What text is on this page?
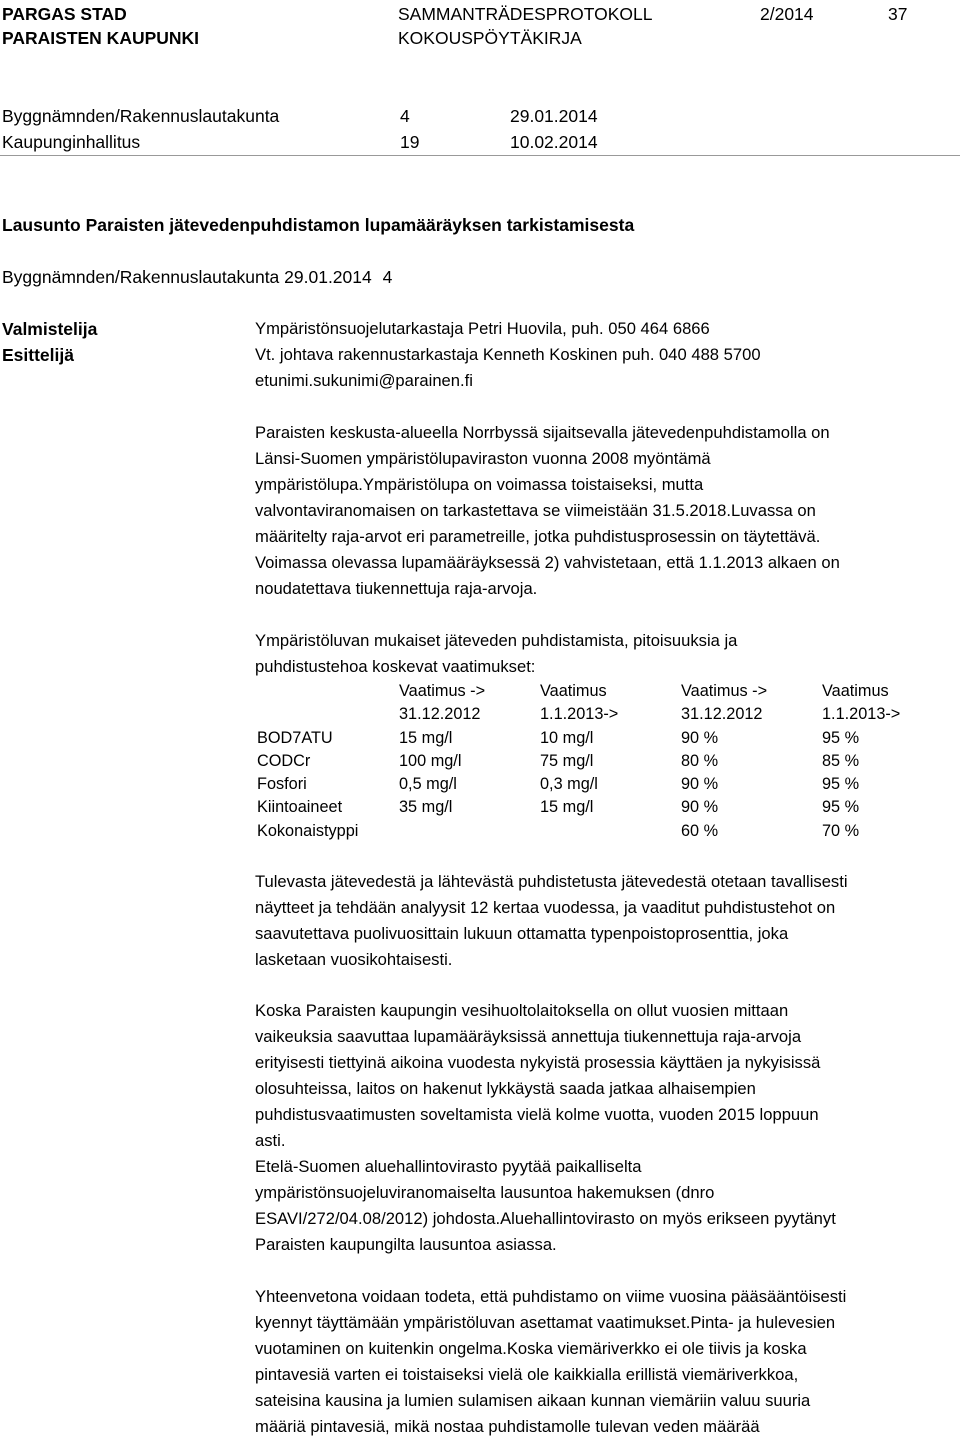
PARGAS STAD
PARAISTEN KAUPUNKI
SAMMANTRÄDESPROTOKOLL
KOKOUSPÖYTÄKIRJA
2/2014	37
Byggnämnden/Rakennuslautakunta	4	29.01.2014
Kaupunginhallitus	19	10.02.2014
Lausunto Paraisten jätevedenpuhdistamon lupamääräyksen tarkistamisesta
Byggnämnden/Rakennuslautakunta 29.01.2014 4
Valmistelija	Ympäristönsuojelutarkastaja Petri Huovila, puh. 050 464 6866
Esittelijä	Vt. johtava rakennustarkastaja Kenneth Koskinen puh. 040 488 5700
etunimi.sukunimi@parainen.fi
Paraisten keskusta-alueella Norrbyssä sijaitsevalla jätevedenpuhdistamolla on
Länsi-Suomen ympäristölupaviraston vuonna 2008 myöntämä
ympäristölupa.Ympäristölupa on voimassa toistaiseksi, mutta
valvontaviranomaisen on tarkastettava se viimeistään 31.5.2018.Luvassa on
määritelty raja-arvot eri parametreille, jotka puhdistusprosessin on täytettävä.
Voimassa olevassa lupamääräyksessä 2) vahvistetaan, että 1.1.2013 alkaen on
noudatettava tiukennettuja raja-arvoja.
Ympäristöluvan mukaiset jäteveden puhdistamista, pitoisuuksia ja
puhdistustehoa koskevat vaatimukset:
	Vaatimus ->	Vaatimus	Vaatimus ->	Vaatimus
	31.12.2012	1.1.2013->	31.12.2012	1.1.2013->
BOD7ATU	15 mg/l	10 mg/l	90 %	95 %
CODCr	100 mg/l	75 mg/l	80 %	85 %
Fosfori	0,5 mg/l	0,3 mg/l	90 %	95 %
Kiintoaineet	35 mg/l	15 mg/l	90 %	95 %
Kokonaistyppi			60 %	70 %
Tulevasta jätevedestä ja lähtevästä puhdistetusta jätevedestä otetaan tavallisesti
näytteet ja tehdään analyysit 12 kertaa vuodessa, ja vaaditut puhdistustehot on
saavutettava puolivuosittain lukuun ottamatta typenpoistoprosenttia, joka
lasketaan vuosikohtaisesti.
Koska Paraisten kaupungin vesihuoltolaitoksella on ollut vuosien mittaan
vaikeuksia saavuttaa lupamääräyksissä annettuja tiukennettuja raja-arvoja
erityisesti tiettyinä aikoina vuodesta nykyistä prosessia käyttäen ja nykyisissä
olosuhteissa, laitos on hakenut lykkäystä saada jatkaa alhaisempien
puhdistusvaatimusten soveltamista vielä kolme vuotta, vuoden 2015 loppuun
asti.
Etelä-Suomen aluehallintovirasto pyytää paikalliselta
ympäristönsuojeluviranomaiselta lausuntoa hakemuksen (dnro
ESAVI/272/04.08/2012) johdosta.Aluehallintovirasto on myös erikseen pyytänyt
Paraisten kaupungilta lausuntoa asiassa.
Yhteenvetona voidaan todeta, että puhdistamo on viime vuosina pääsääntöisesti
kyennyt täyttämään ympäristöluvan asettamat vaatimukset.Pinta- ja hulevesien
vuotaminen on kuitenkin ongelma.Koska viemäriverkko ei ole tiivis ja koska
pintavesiä varten ei toistaiseksi vielä ole kaikkialla erillistä viemäriverkkoa,
sateisina kausina ja lumien sulamisen aikaan kunnan viemäriin valuu suuria
määriä pintavesiä, mikä nostaa puhdistamolle tulevan veden määrää
